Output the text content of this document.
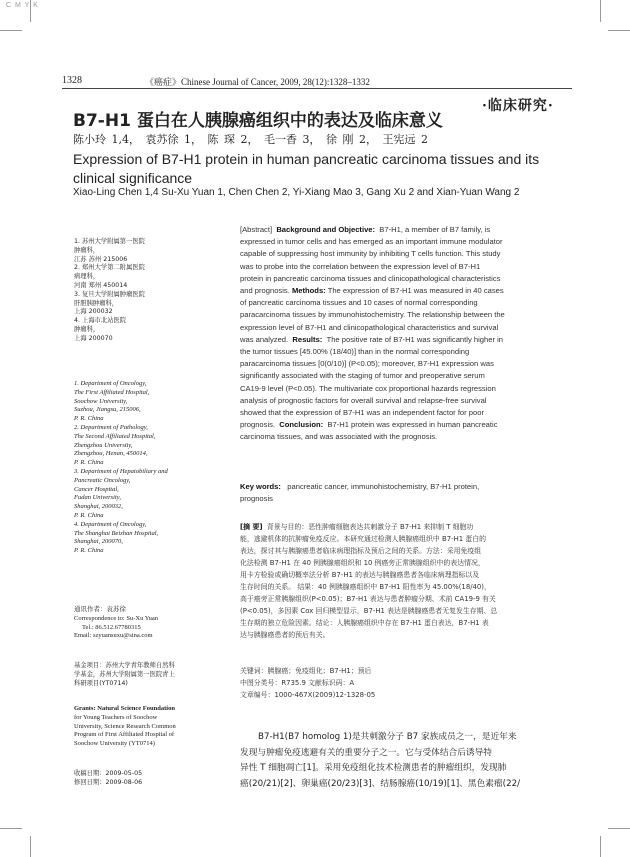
C M Y K
1328	《癌症》Chinese Journal of Cancer, 2009, 28(12):1328–1332
·临床研究·
B7-H1 蛋白在人胰腺癌组织中的表达及临床意义
陈小玲 1,4， 袁苏徐 1， 陈 琛 2， 毛一香 3， 徐 刚 2， 王宪远 2
Expression of B7-H1 protein in human pancreatic carcinoma tissues and its clinical significance
Xiao-Ling Chen 1,4 Su-Xu Yuan 1, Chen Chen 2, Yi-Xiang Mao 3, Gang Xu 2 and Xian-Yuan Wang 2
1. 苏州大学附属第一医院
肿瘤科，
江苏 苏州 215006
2. 郑州大学第二附属医院
病理科，
河南 郑州 450014
3. 复旦大学附属肿瘤医院
肝胆胰肿瘤科，
上海 200032
4. 上海市北站医院
肿瘤科，
上海 200070
1. Department of Oncology,
The First Affiliated Hospital,
Soochow University,
Suzhou, Jiangsu, 215006,
P. R. China
2. Department of Pathology,
The Second Affiliated Hospital,
Zhengzhou University,
Zhengzhou, Henan, 450014,
P. R. China
3. Department of Hepatobiliary and
Pancreatic Oncology,
Cancer Hospital,
Fudan University,
Shanghai, 200032,
P. R. China
4. Department of Oncology,
The Shanghai Beizhan Hospital,
Shanghai, 200070,
P. R. China
通讯作者：袁苏徐
Correspondence to: Su-Xu Yuan
Tel.: 86.512.67780315
Email: szyuansuxu@sina.com
基金项目：苏州大学青年教师自然科
学基金，苏州大学附属第一医院青上
科研项目(YT0714)
Grants: Natural Science Foundation
for Young Teachers of Soochow
University, Science Research Common
Program of First Affiliated Hospital of
Soochow University (YT0714)
收稿日期：2009-05-05
修回日期：2009-08-06
[Abstract] Background and Objective: B7-H1, a member of B7 family, is
expressed in tumor cells and has emerged as an important immune modulator
capable of suppressing host immunity by inhibiting T cells function. This study
was to probe into the correlation between the expression level of B7-H1
protein in pancreatic carcinoma tissues and clinicopathological characteristics
and prognosis. Methods: The expression of B7-H1 was measured in 40 cases
of pancreatic carcinoma tissues and 10 cases of normal corresponding
paracarcinoma tissues by immunohistochemistry. The relationship between the
expression level of B7-H1 and clinicopathological characteristics and survival
was analyzed. Results: The positive rate of B7-H1 was significantly higher in
the tumor tissues [45.00% (18/40)] than in the normal corresponding
paracarcinoma tissues [0(0/10)] (P<0.05); moreover, B7-H1 expression was
significantly associated with the staging of tumor and preoperative serum
CA19-9 level (P<0.05). The multivariate cox proportional hazards regression
analysis of prognostic factors for overall survival and relapse-free survival
showed that the expression of B7-H1 was an independent factor for poor
prognosis. Conclusion: B7-H1 protein was expressed in human pancreatic
carcinoma tissues, and was associated with the prognosis.
Key words: pancreatic cancer, immunohistochemistry, B7-H1 protein,
prognosis
[摘 要] 背景与目的：恶性肿瘤细胞表达共刺激分子 B7-H1 来抑制 T 细胞功
能，逃避机体的抗肿瘤免疫反应。本研究通过检测人胰腺癌组织中 B7-H1 蛋白的
表达，探讨其与胰腺癌患者临床病理指标及预后之间的关系。方法：采用免疫组
化法检测 B7-H1 在 40 例胰腺癌组织和 10 例癌旁正常胰腺组织中的表达情况，
用卡方检验或确切概率法分析 B7-H1 的表达与胰腺癌患者各临床病理指标以及
生存时间的关系。 结果：40 例胰腺癌组织中 B7-H1 阳性率为 45.00%(18/40)，
高于癌旁正常胰腺组织(P<0.05)；B7-H1 表达与患者肿瘤分期、术前 CA19-9 有关
(P<0.05)，多因素 Cox 回归模型显示，B7-H1 表达是胰腺癌患者无复发生存期、总
生存期的独立危险因素。结论：人胰腺癌组织中存在 B7-H1 蛋白表达，B7-H1 表
达与胰腺癌患者的预后有关。
关键词：胰腺癌；免疫组化；B7-H1；预后
中图分类号：R735.9 文献标识码：A
文章编号：1000-467X(2009)12-1328-05
B7-H1(B7 homolog 1)是共刺激分子 B7 家族成员之一，是近年来
发现与肿瘤免疫逃避有关的重要分子之一。它与受体结合后诱导特
异性 T 细胞凋亡[1]。采用免疫组化技术检测患者的肿瘤组织，发现肺
癌(20/21)[2]、卵巢癌(20/23)[3]、结肠腺癌(10/19)[1]、黑色素瘤(22/
